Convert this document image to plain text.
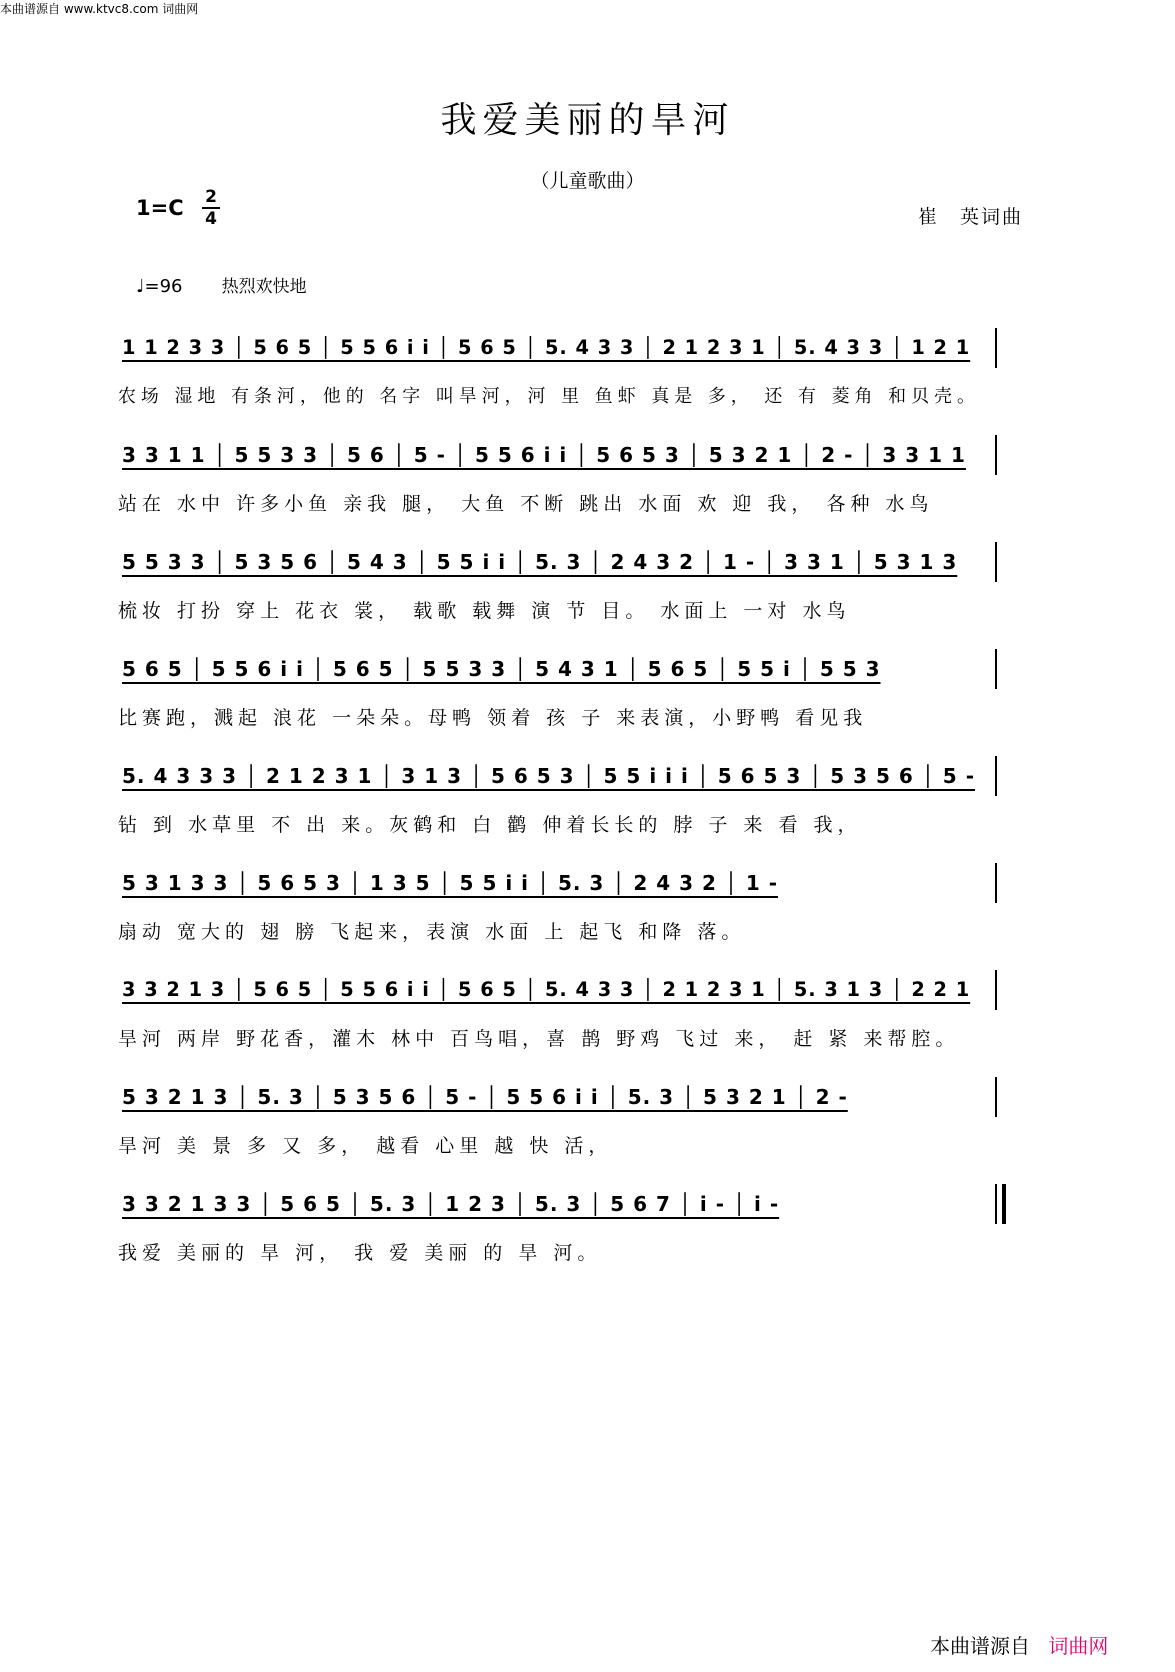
本曲谱源自 www.ktvc8.com 词曲网
我爱美丽的旱河
（儿童歌曲）
1=C 2
4	崔　英词曲
♩=96 热烈欢快地
1 1 2 3 3 │ 5 6 5 │ 5 5 6 i i │ 5 6 5 │ 5. 4 3 3 │ 2 1 2 3 1 │ 5. 4 3 3 │ 1 2 1
农场 湿地 有条河，他的 名字 叫旱河，河 里 鱼虾 真是 多， 还 有 菱角 和贝壳。
3 3 1 1 │ 5 5 3 3 │ 5 6 │ 5 - │ 5 5 6 i i │ 5 6 5 3 │ 5 3 2 1 │ 2 - │ 3 3 1 1
站在 水中 许多小鱼 亲我 腿， 大鱼 不断 跳出 水面 欢 迎 我， 各种 水鸟
5 5 3 3 │ 5 3 5 6 │ 5 4 3 │ 5 5 i i │ 5. 3 │ 2 4 3 2 │ 1 - │ 3 3 1 │ 5 3 1 3
梳妆 打扮 穿上 花衣 裳， 载歌 载舞 演 节 目。 水面上 一对 水鸟
5 6 5 │ 5 5 6 i i │ 5 6 5 │ 5 5 3 3 │ 5 4 3 1 │ 5 6 5 │ 5 5 i │ 5 5 3
比赛跑，溅起 浪花 一朵朵。母鸭 领着 孩 子 来表演，小野鸭 看见我
5. 4 3 3 3 │ 2 1 2 3 1 │ 3 1 3 │ 5 6 5 3 │ 5 5 i i i │ 5 6 5 3 │ 5 3 5 6 │ 5 -
钻 到 水草里 不 出 来。灰鹤和 白 鹳 伸着长长的 脖 子 来 看 我，
5 3 1 3 3 │ 5 6 5 3 │ 1 3 5 │ 5 5 i i │ 5. 3 │ 2 4 3 2 │ 1 -
扇动 宽大的 翅 膀 飞起来，表演 水面 上 起飞 和降 落。
3 3 2 1 3 │ 5 6 5 │ 5 5 6 i i │ 5 6 5 │ 5. 4 3 3 │ 2 1 2 3 1 │ 5. 3 1 3 │ 2 2 1
旱河 两岸 野花香，灌木 林中 百鸟唱，喜 鹊 野鸡 飞过 来， 赶 紧 来帮腔。
5 3 2 1 3 │ 5. 3 │ 5 3 5 6 │ 5 - │ 5 5 6 i i │ 5. 3 │ 5 3 2 1 │ 2 -
旱河 美 景 多 又 多， 越看 心里 越 快 活，
3 3 2 1 3 3 │ 5 6 5 │ 5. 3 │ 1 2 3 │ 5. 3 │ 5 6 7 │ i - │ i -
我爱 美丽的 旱 河， 我 爱 美丽 的 旱 河。
本曲谱源自 词曲网
